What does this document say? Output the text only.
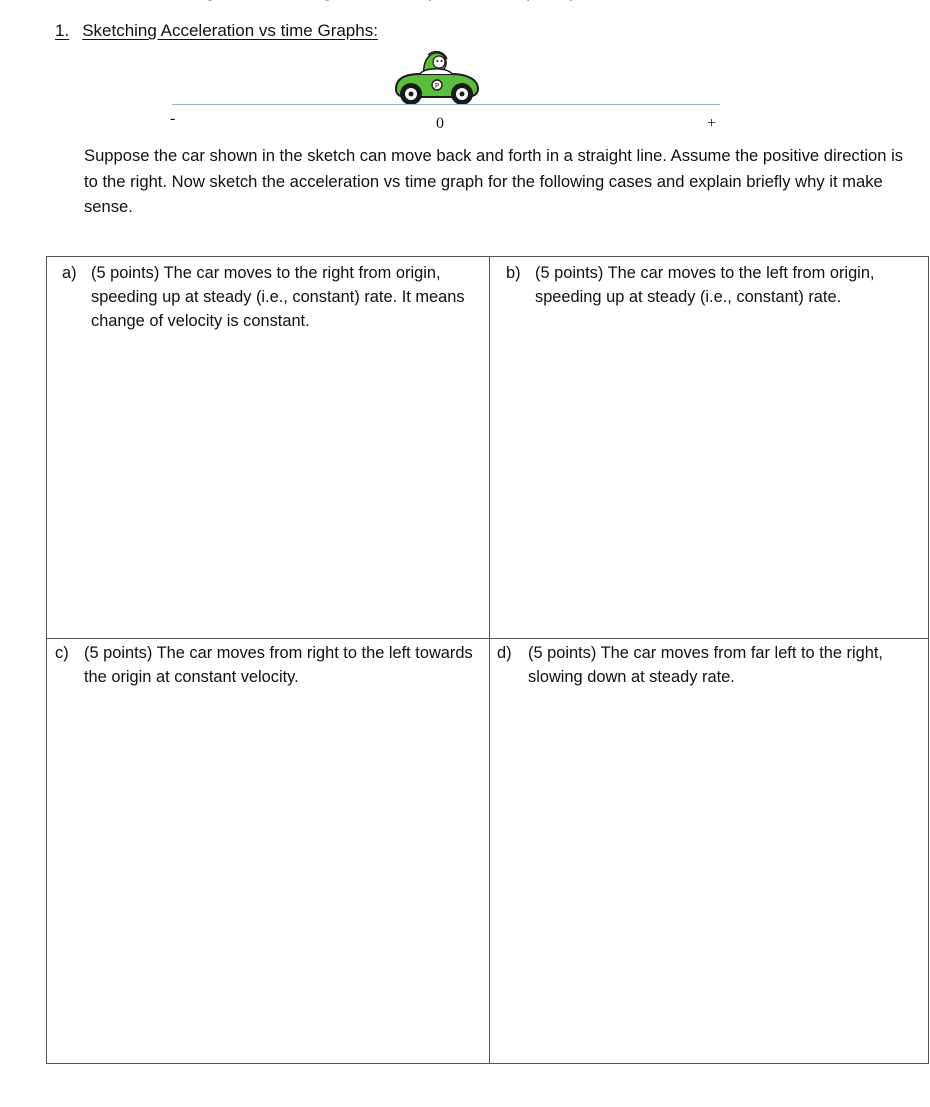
1. Sketching Acceleration vs time Graphs:
P
-	0	+
Suppose the car shown in the sketch can move back and forth in a straight line. Assume the positive direction is to the right. Now sketch the acceleration vs time graph for the following cases and explain briefly why it make sense.
a) (5 points) The car moves to the right from origin, speeding up at steady (i.e., constant) rate. It means change of velocity is constant.
b) (5 points) The car moves to the left from origin, speeding up at steady (i.e., constant) rate.
c) (5 points) The car moves from right to the left towards the origin at constant velocity.
d)	(5 points) The car moves from far left to the right, slowing down at steady rate.
